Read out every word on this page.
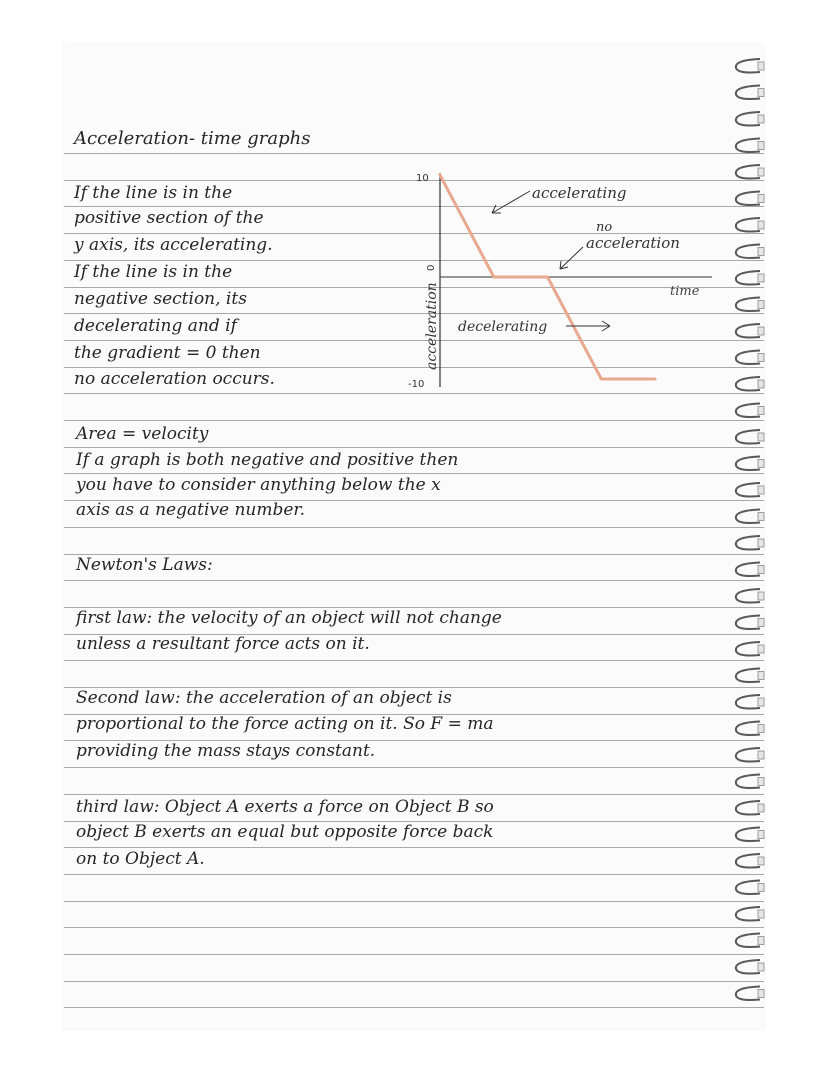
Acceleration- time graphs
If the line is in the
positive section of the
y axis, its accelerating.
If the line is in the
negative section, its
decelerating and if
the gradient = 0 then
no acceleration occurs.
10
0
-10
acceleration	time
accelerating
no
acceleration
decelerating
Area = velocity
If a graph is both negative and positive then
you have to consider anything below the x
axis as a negative number.
Newton's Laws:
first law: the velocity of an object will not change
unless a resultant force acts on it.
Second law: the acceleration of an object is
proportional to the force acting on it. So F = ma
providing the mass stays constant.
third law: Object A exerts a force on Object B so
object B exerts an equal but opposite force back
on to Object A.
